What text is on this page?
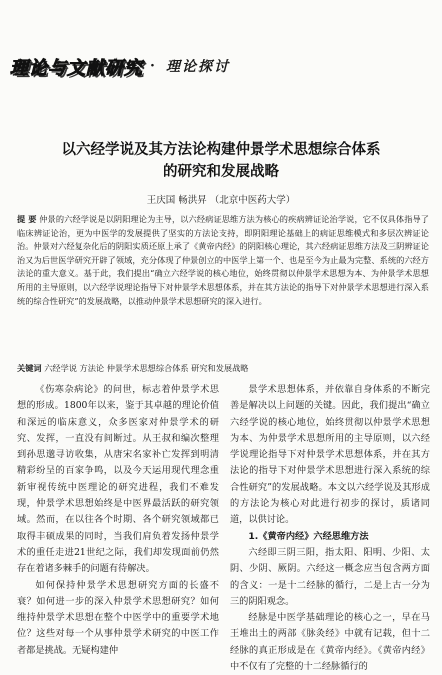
理论与文献研究 · 理论探讨
以六经学说及其方法论构建仲景学术思想综合体系
的研究和发展战略
王庆国 畅洪昇 （北京中医药大学）
提 要 仲景的六经学说是以阴阳理论为主导，以六经病证思维方法为核心的疾病辨证论治学说，它不仅具体指导了临床辨证论治，更为中医学的发展提供了坚实的方法论支持，即阴阳理论基础上的病证思维模式和多层次辨证论治。仲景对六经复杂化后的阴阳实质还原上承了《黄帝内经》的阴阳核心理论，其六经病证思维方法及三阴辨证论治又为后世医学研究开辟了领域，充分体现了仲景创立的中医学上第一个、也是至今为止最为完整、系统的六经方法论的重大意义。基于此，我们提出“确立六经学说的核心地位，始终贯彻以仲景学术思想为本、为仲景学术思想所用的主导原则，以六经学说理论指导下对仲景学术思想体系，并在其方法论的指导下对仲景学术思想进行深入系统的综合性研究”的发展战略，以推动仲景学术思想研究的深入进行。
关键词 六经学说 方法论 仲景学术思想综合体系 研究和发展战略

《伤寒杂病论》的问世，标志着仲景学术思想的形成。1800年以来，鉴于其卓越的理论价值和深远的临床意义，众多医家对仲景学术的研究、发挥，一直没有间断过。从王叔和编次整理到孙思邈寻访收集，从唐宋名家补亡发挥到明清精彩纷呈的百家争鸣，以及今天运用现代理念重新审视传统中医理论的研究进程，我们不难发现，仲景学术思想始终是中医界最活跃的研究领域。然而，在以往各个时期、各个研究领域都已取得丰硕成果的同时，当我们肩负着发扬仲景学术的重任走进21世纪之际，我们却发现面前仍然存在着诸多棘手的问题有待解决。

如何保持仲景学术思想研究方面的长盛不衰？如何进一步的深入仲景学术思想研究？如何维持仲景学术思想在整个中医学中的重要学术地位？这些对每一个从事仲景学术研究的中医工作者都是挑战。无疑构建仲

景学术思想体系，并依靠自身体系的不断完善是解决以上问题的关键。因此，我们提出“确立六经学说的核心地位，始终贯彻以仲景学术思想为本、为仲景学术思想所用的主导原则，以六经学说理论指导下对仲景学术思想体系，并在其方法论的指导下对仲景学术思想进行深入系统的综合性研究”的发展战略。本文以六经学说及其形成的方法论为核心对此进行初步的探讨，质诸同道，以供讨论。

1.《黄帝内经》六经思维方法

六经即三阴三阳，指太阳、阳明、少阳、太阴、少阴、厥阴。六经这一概念应当包含两方面的含义：一是十二经脉的循行，二是上古一分为三的阴阳观念。

经脉是中医学基础理论的核心之一，早在马王堆出土的两部《脉灸经》中就有记载，但十二经脉的真正形成是在《黄帝内经》。《黄帝内经》中不仅有了完整的十二经脉循行的
